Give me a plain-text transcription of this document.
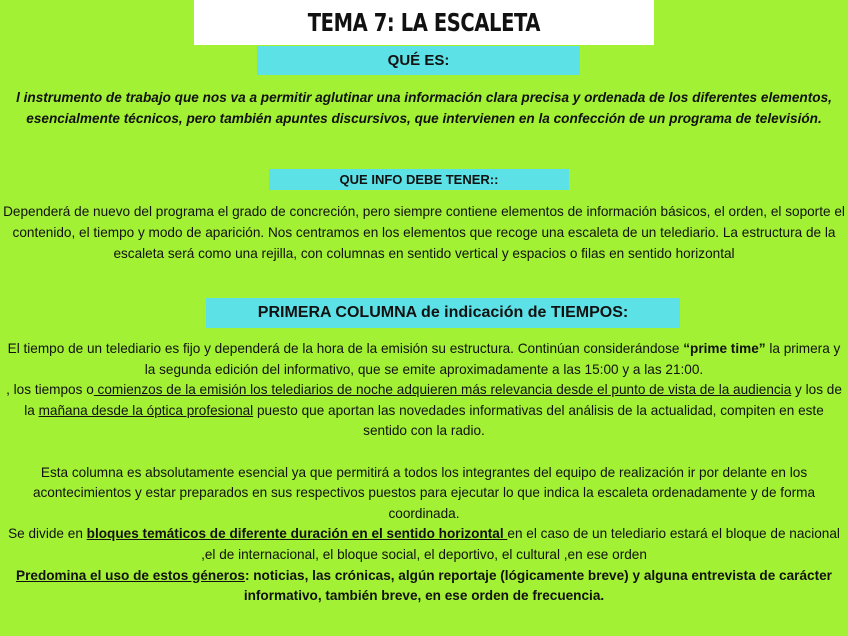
TEMA 7: LA ESCALETA
QUÉ ES:
l instrumento de trabajo que nos va a permitir aglutinar una información clara precisa y ordenada de los diferentes elementos, esencialmente técnicos, pero también apuntes discursivos, que intervienen en la confección de un programa de televisión.
QUE INFO DEBE TENER::
Dependerá de nuevo del programa el grado de concreción, pero siempre contiene elementos de información básicos, el orden, el soporte el contenido, el tiempo y modo de aparición. Nos centramos en los elementos que recoge una escaleta de un telediario. La estructura de la escaleta será como una rejilla, con columnas en sentido vertical y espacios o filas en sentido horizontal
PRIMERA COLUMNA de indicación de TIEMPOS:
El tiempo de un telediario es fijo y dependerá de la hora de la emisión su estructura. Continúan considerándose “prime time” la primera y la segunda edición del informativo, que se emite aproximadamente a las 15:00 y a las 21:00.
, los tiempos o comienzos de la emisión los telediarios de noche adquieren más relevancia desde el punto de vista de la audiencia y los de la mañana desde la óptica profesional puesto que aportan las novedades informativas del análisis de la actualidad, compiten en este sentido con la radio.
Esta columna es absolutamente esencial ya que permitirá a todos los integrantes del equipo de realización ir por delante en los acontecimientos y estar preparados en sus respectivos puestos para ejecutar lo que indica la escaleta ordenadamente y de forma coordinada.
Se divide en bloques temáticos de diferente duración en el sentido horizontal en el caso de un telediario estará el bloque de nacional ,el de internacional, el bloque social, el deportivo, el cultural ,en ese orden
Predomina el uso de estos géneros: noticias, las crónicas, algún reportaje (lógicamente breve) y alguna entrevista de carácter informativo, también breve, en ese orden de frecuencia.
